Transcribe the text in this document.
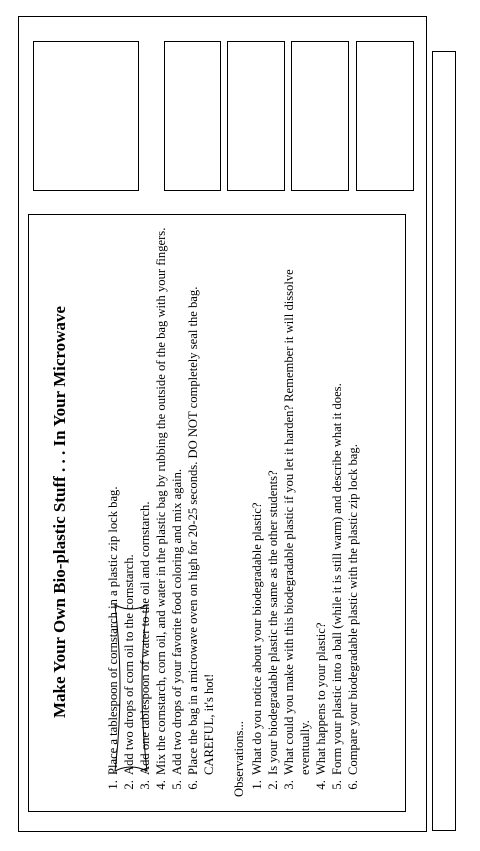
Make Your Own Bio-plastic Stuff . . . In Your Microwave	1. Place a tablespoon of cornstarch in a plastic zip lock bag. 2. Add two drops of corn oil to the cornstarch. 3. Add one tablespoon of water to the oil and cornstarch. 4. Mix the cornstarch, corn oil, and water in the plastic bag by rubbing the outside of the bag with your fingers. 5. Add two drops of your favorite food coloring and mix again. 6. Place the bag in a microwave oven on high for 20-25 seconds. DO NOT completely seal the bag. CAREFUL, it's hot! Observations... 1. What do you notice about your biodegradable plastic? 2. Is your biodegradable plastic the same as the other students? 3. What could you make with this biodegradable plastic if you let it harden? Remember it will dissolve eventually. 4. What happens to your plastic? 5. Form your plastic into a ball (while it is still warm) and describe what it does. 6. Compare your biodegradable plastic with the plastic zip lock bag.
